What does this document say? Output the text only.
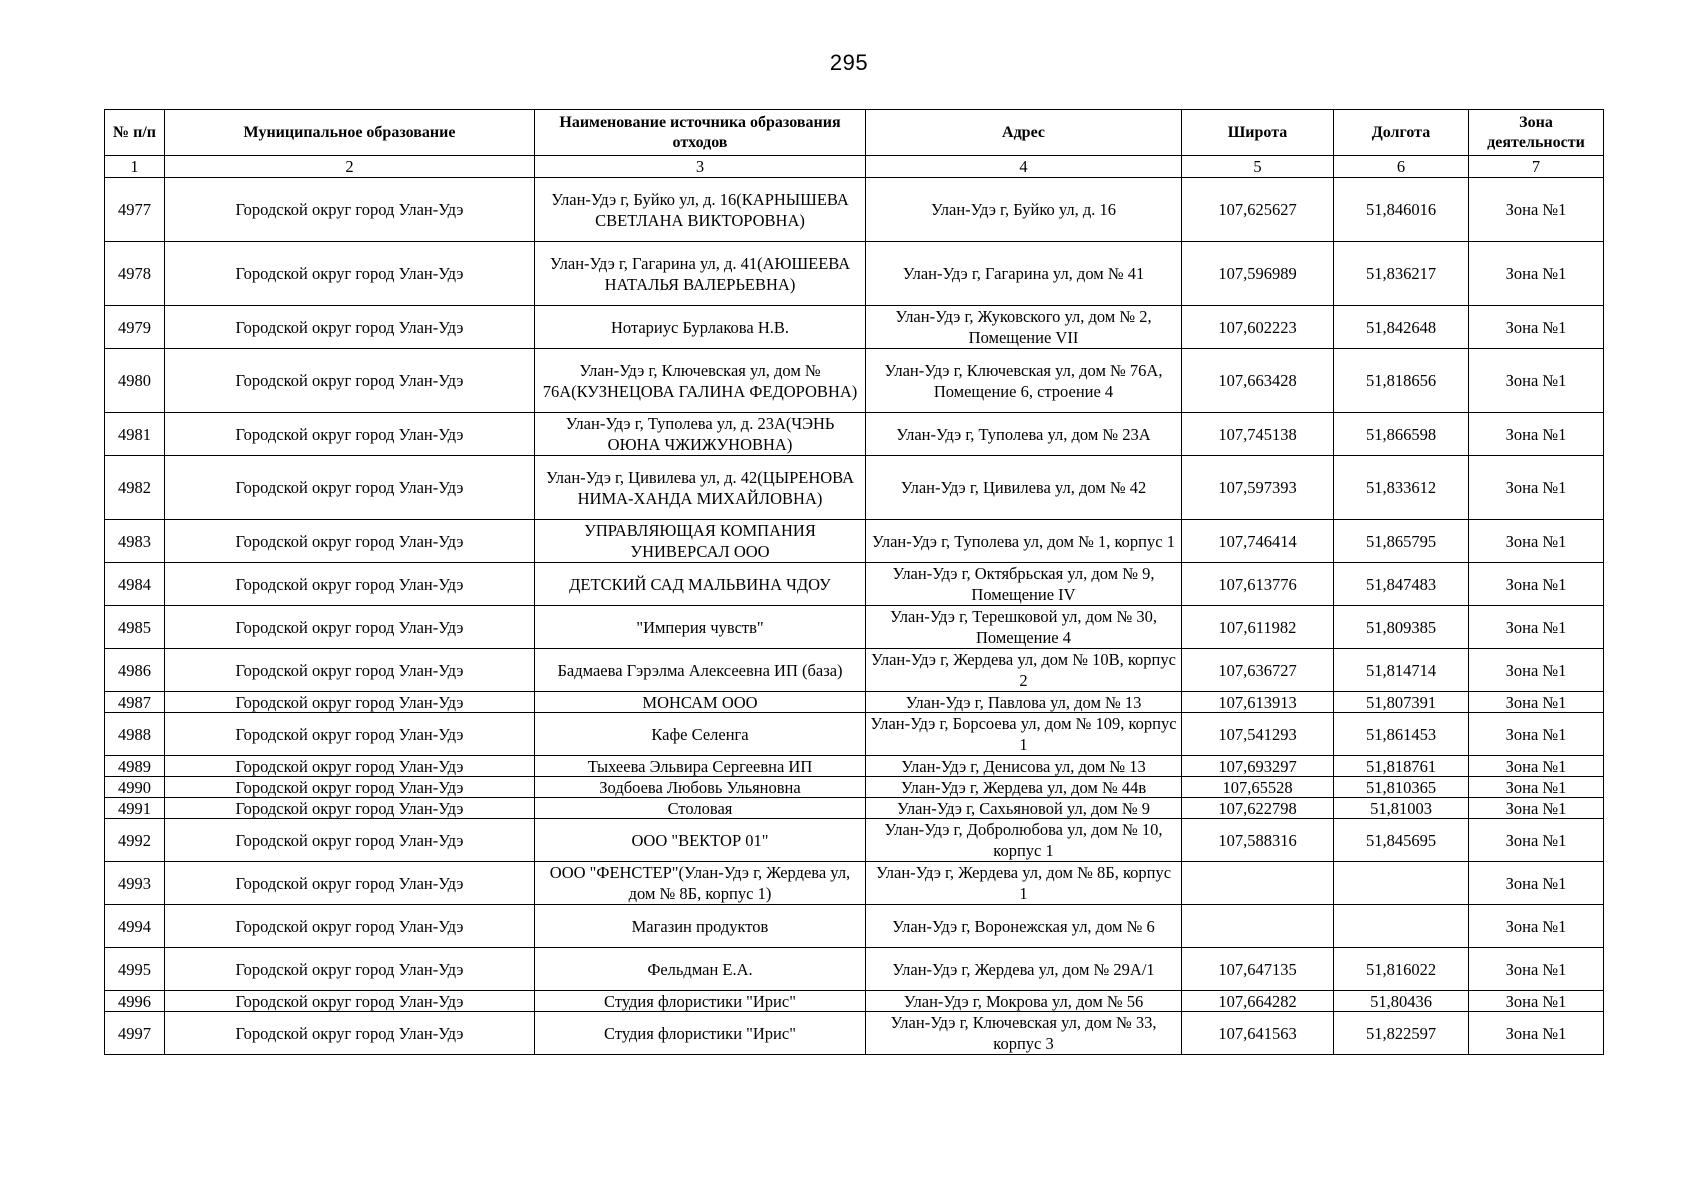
295
№ п/п	Муниципальное образование	Наименование источника образования отходов	Адрес	Широта	Долгота	Зона деятельности
1	2	3	4	5	6	7
4977	Городской округ город Улан-Удэ	Улан-Удэ г, Буйко ул, д. 16(КАРНЫШЕВА СВЕТЛАНА ВИКТОРОВНА)	Улан-Удэ г, Буйко ул, д. 16	107,625627	51,846016	Зона №1
4978	Городской округ город Улан-Удэ	Улан-Удэ г, Гагарина ул, д. 41(АЮШЕЕВА НАТАЛЬЯ ВАЛЕРЬЕВНА)	Улан-Удэ г, Гагарина ул, дом № 41	107,596989	51,836217	Зона №1
4979	Городской округ город Улан-Удэ	Нотариус Бурлакова Н.В.	Улан-Удэ г, Жуковского ул, дом № 2, Помещение VII	107,602223	51,842648	Зона №1
4980	Городской округ город Улан-Удэ	Улан-Удэ г, Ключевская ул, дом № 76А(КУЗНЕЦОВА ГАЛИНА ФЕДОРОВНА)	Улан-Удэ г, Ключевская ул, дом № 76А, Помещение 6, строение 4	107,663428	51,818656	Зона №1
4981	Городской округ город Улан-Удэ	Улан-Удэ г, Туполева ул, д. 23А(ЧЭНЬ ОЮНА ЧЖИЖУНОВНА)	Улан-Удэ г, Туполева ул, дом № 23А	107,745138	51,866598	Зона №1
4982	Городской округ город Улан-Удэ	Улан-Удэ г, Цивилева ул, д. 42(ЦЫРЕНОВА НИМА-ХАНДА МИХАЙЛОВНА)	Улан-Удэ г, Цивилева ул, дом № 42	107,597393	51,833612	Зона №1
4983	Городской округ город Улан-Удэ	УПРАВЛЯЮЩАЯ КОМПАНИЯ УНИВЕРСАЛ ООО	Улан-Удэ г, Туполева ул, дом № 1, корпус 1	107,746414	51,865795	Зона №1
4984	Городской округ город Улан-Удэ	ДЕТСКИЙ САД МАЛЬВИНА ЧДОУ	Улан-Удэ г, Октябрьская ул, дом № 9, Помещение IV	107,613776	51,847483	Зона №1
4985	Городской округ город Улан-Удэ	"Империя чувств"	Улан-Удэ г, Терешковой ул, дом № 30, Помещение 4	107,611982	51,809385	Зона №1
4986	Городской округ город Улан-Удэ	Бадмаева Гэрэлма Алексеевна ИП (база)	Улан-Удэ г, Жердева ул, дом № 10В, корпус 2	107,636727	51,814714	Зона №1
4987	Городской округ город Улан-Удэ	МОНСАМ ООО	Улан-Удэ г, Павлова ул, дом № 13	107,613913	51,807391	Зона №1
4988	Городской округ город Улан-Удэ	Кафе Селенга	Улан-Удэ г, Борсоева ул, дом № 109, корпус 1	107,541293	51,861453	Зона №1
4989	Городской округ город Улан-Удэ	Тыхеева Эльвира Сергеевна ИП	Улан-Удэ г, Денисова ул, дом № 13	107,693297	51,818761	Зона №1
4990	Городской округ город Улан-Удэ	Зодбоева Любовь Ульяновна	Улан-Удэ г, Жердева ул, дом № 44в	107,65528	51,810365	Зона №1
4991	Городской округ город Улан-Удэ	Столовая	Улан-Удэ г, Сахьяновой ул, дом № 9	107,622798	51,81003	Зона №1
4992	Городской округ город Улан-Удэ	ООО "ВЕКТОР 01"	Улан-Удэ г, Добролюбова ул, дом № 10, корпус 1	107,588316	51,845695	Зона №1
4993	Городской округ город Улан-Удэ	ООО "ФЕНСТЕР"(Улан-Удэ г, Жердева ул, дом № 8Б, корпус 1)	Улан-Удэ г, Жердева ул, дом № 8Б, корпус 1			Зона №1
4994	Городской округ город Улан-Удэ	Магазин продуктов	Улан-Удэ г, Воронежская ул, дом № 6			Зона №1
4995	Городской округ город Улан-Удэ	Фельдман Е.А.	Улан-Удэ г, Жердева ул, дом № 29А/1	107,647135	51,816022	Зона №1
4996	Городской округ город Улан-Удэ	Студия флористики "Ирис"	Улан-Удэ г, Мокрова ул, дом № 56	107,664282	51,80436	Зона №1
4997	Городской округ город Улан-Удэ	Студия флористики "Ирис"	Улан-Удэ г, Ключевская ул, дом № 33, корпус 3	107,641563	51,822597	Зона №1
